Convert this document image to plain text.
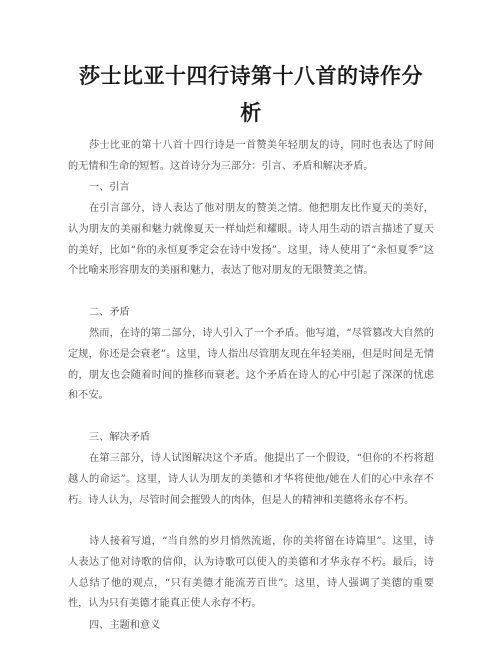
莎士比亚十四行诗第十八首的诗作分
析

莎士比亚的第十八首十四行诗是一首赞美年轻朋友的诗，同时也表达了时间的无情和生命的短暂。这首诗分为三部分：引言、矛盾和解决矛盾。

一、引言

在引言部分，诗人表达了他对朋友的赞美之情。他把朋友比作夏天的美好，认为朋友的美丽和魅力就像夏天一样灿烂和耀眼。诗人用生动的语言描述了夏天的美好，比如“你的永恒夏季定会在诗中发扬”。这里，诗人使用了“永恒夏季”这个比喻来形容朋友的美丽和魅力，表达了他对朋友的无限赞美之情。

二、矛盾

然而，在诗的第二部分，诗人引入了一个矛盾。他写道，“尽管篡改大自然的定规，你还是会衰老”。这里，诗人指出尽管朋友现在年轻美丽，但是时间是无情的，朋友也会随着时间的推移而衰老。这个矛盾在诗人的心中引起了深深的忧虑和不安。

三、解决矛盾

在第三部分，诗人试图解决这个矛盾。他提出了一个假设，“但你的不朽将超越人的命运”。这里，诗人认为朋友的美德和才华将使他/她在人们的心中永存不朽。诗人认为，尽管时间会摧毁人的肉体，但是人的精神和美德将永存不朽。

诗人接着写道，“当自然的岁月悄然流逝，你的美将留在诗篇里”。这里，诗人表达了他对诗歌的信仰，认为诗歌可以使人的美德和才华永存不朽。最后，诗人总结了他的观点，“只有美德才能流芳百世”。这里，诗人强调了美德的重要性，认为只有美德才能真正使人永存不朽。

四、主题和意义
